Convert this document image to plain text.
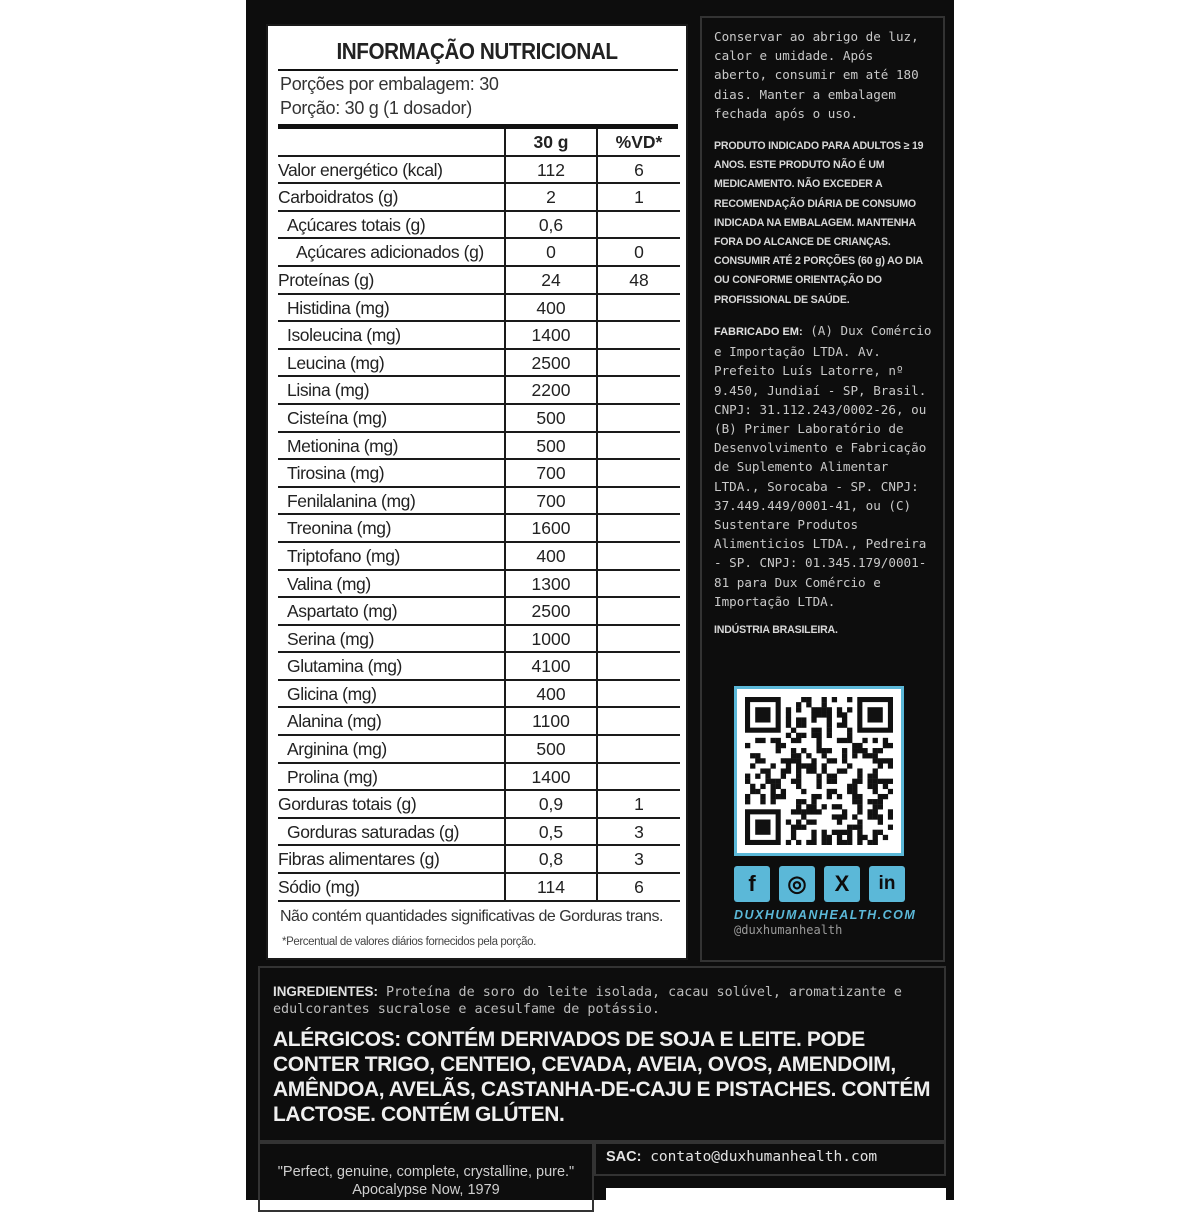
INFORMAÇÃO NUTRICIONAL
Porções por embalagem: 30
Porção: 30 g (1 dosador)
30 g	%VD*
Valor energético (kcal)	112	6
Carboidratos (g)	2	1
Açúcares totais (g)	0,6
Açúcares adicionados (g)	0	0
Proteínas (g)	24	48
Histidina (mg)	400
Isoleucina (mg)	1400
Leucina (mg)	2500
Lisina (mg)	2200
Cisteína (mg)	500
Metionina (mg)	500
Tirosina (mg)	700
Fenilalanina (mg)	700
Treonina (mg)	1600
Triptofano (mg)	400
Valina (mg)	1300
Aspartato (mg)	2500
Serina (mg)	1000
Glutamina (mg)	4100
Glicina (mg)	400
Alanina (mg)	1100
Arginina (mg)	500
Prolina (mg)	1400
Gorduras totais (g)	0,9	1
Gorduras saturadas (g)	0,5	3
Fibras alimentares (g)	0,8	3
Sódio (mg)	114	6
Não contém quantidades significativas de Gorduras trans.
*Percentual de valores diários fornecidos pela porção.
Conservar ao abrigo de luz, calor e umidade. Após aberto, consumir em até 180 dias. Manter a embalagem fechada após o uso.
PRODUTO INDICADO PARA ADULTOS ≥ 19 ANOS. ESTE PRODUTO NÃO É UM MEDICAMENTO. NÃO EXCEDER A RECOMENDAÇÃO DIÁRIA DE CONSUMO INDICADA NA EMBALAGEM. MANTENHA FORA DO ALCANCE DE CRIANÇAS. CONSUMIR ATÉ 2 PORÇÕES (60 g) AO DIA OU CONFORME ORIENTAÇÃO DO PROFISSIONAL DE SAÚDE.
FABRICADO EM: (A) Dux Comércio e Importação LTDA. Av. Prefeito Luís Latorre, nº 9.450, Jundiaí - SP, Brasil. CNPJ: 31.112.243/0002-26, ou (B) Primer Laboratório de Desenvolvimento e Fabricação de Suplemento Alimentar LTDA., Sorocaba - SP. CNPJ: 37.449.449/0001-41, ou (C) Sustentare Produtos Alimenticios LTDA., Pedreira - SP. CNPJ: 01.345.179/0001-81 para Dux Comércio e Importação LTDA.
INDÚSTRIA BRASILEIRA.
f	◎	X	in
DUXHUMANHEALTH.COM
@duxhumanhealth
INGREDIENTES: Proteína de soro do leite isolada, cacau solúvel, aromatizante e edulcorantes sucralose e acesulfame de potássio.
ALÉRGICOS: CONTÉM DERIVADOS DE SOJA E LEITE. PODE CONTER TRIGO, CENTEIO, CEVADA, AVEIA, OVOS, AMENDOIM, AMÊNDOA, AVELÃS, CASTANHA-DE-CAJU E PISTACHES. CONTÉM LACTOSE. CONTÉM GLÚTEN.
"Perfect, genuine, complete, crystalline, pure." Apocalypse Now, 1979
SAC: contato@duxhumanhealth.com
